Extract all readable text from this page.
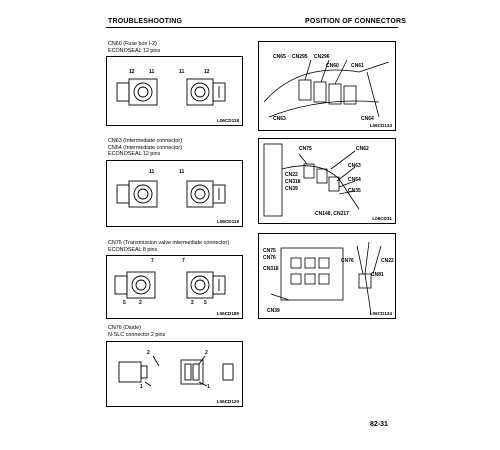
TROUBLESHOOTING	POSITION OF CONNECTORS
CN60 (Fuse box I-2)
ECONOSEAL 12 pins
12	11	11	12
L06CD118
CN63 (Intermediate connector)
CN64 (Intermediate connector)
ECONOSEAL 12 pins
11	11
L06CD119
CN75 (Transmission valve intermediate connector)
ECONOSEAL 8 pins
7	7
5	2	2 5
L06CD189
CN76 (Diode)
N-SLC connector 2 pins
2	2
1	1
L06CD120
CN65 CN295 CN296
CN60 CN61
CN63	CN64
L06CD133
CN75	CN62
CN22
CN318
CN63
CN64
CN39	CN35
CN148, CN217
L06CD31
CN75
CN76	CN22
CN318
CN76
CN81
CN39	L06CD134
82-31
